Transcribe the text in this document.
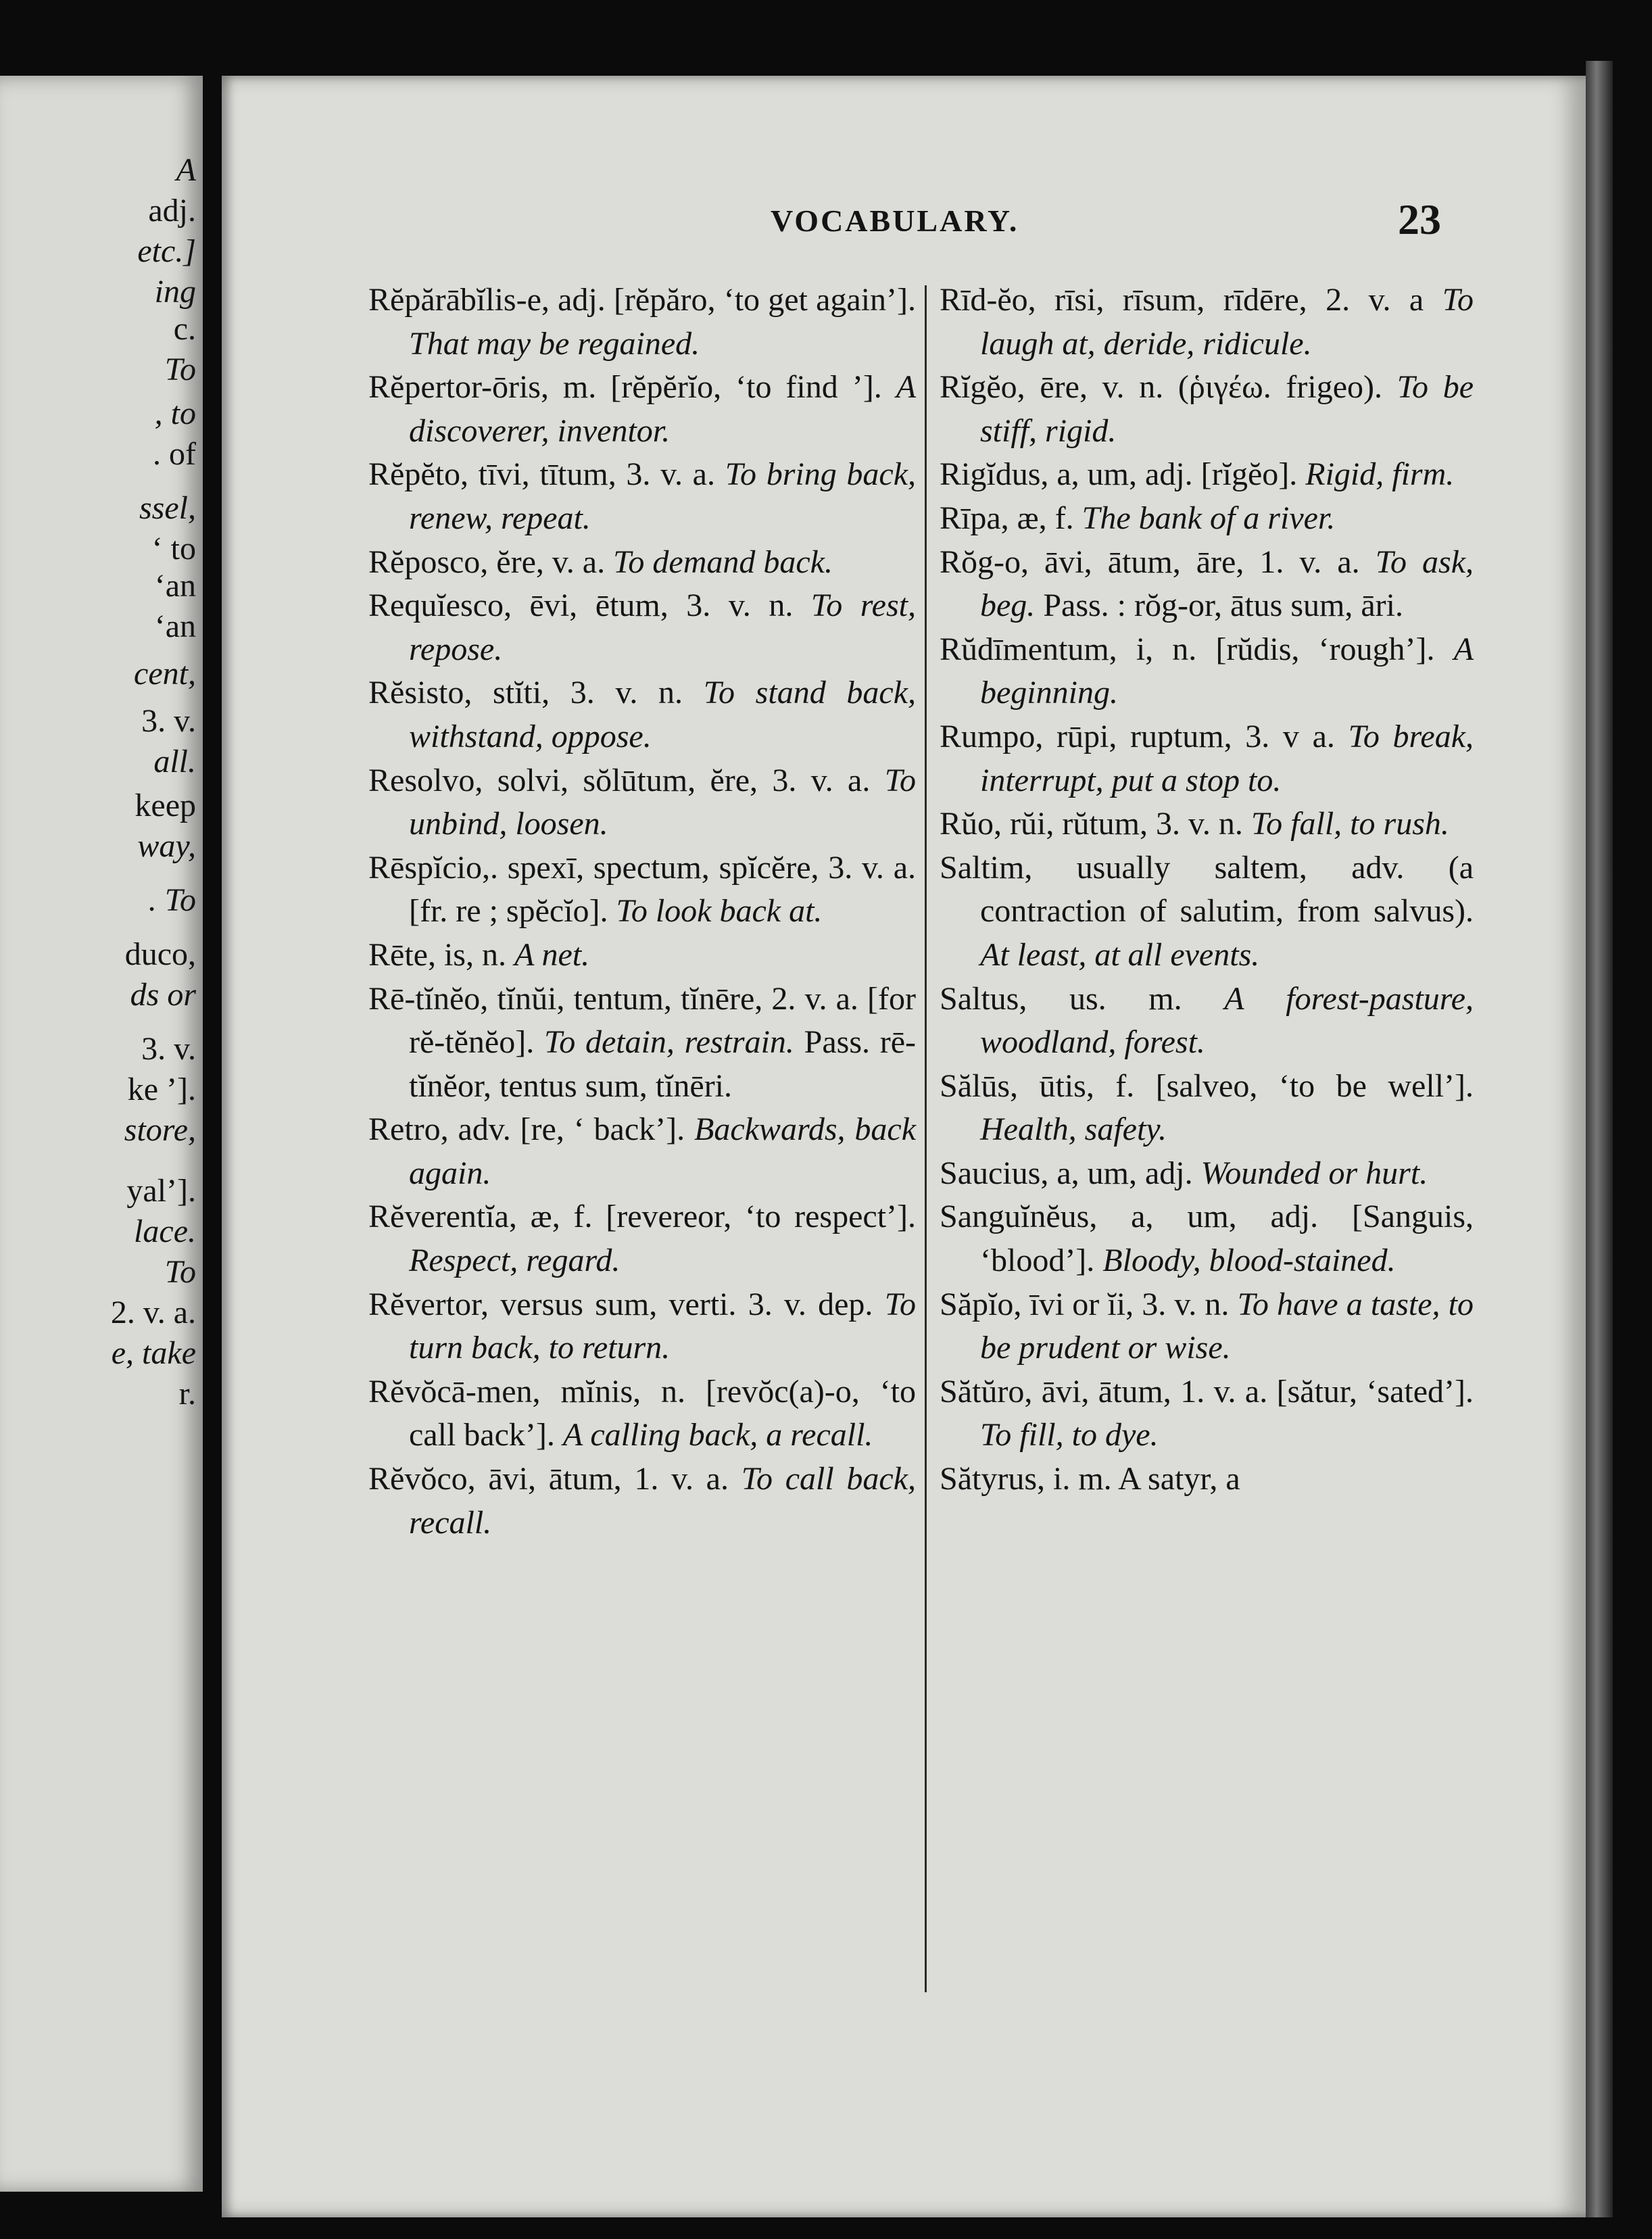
A
adj.
etc.]
ing
c.
To
, to
. of
ssel,
‘ to
‘an
‘an
cent,
3. v.
all.
keep
way,
. To
duco,
ds or
3. v.
ke ’].
store,
yal’].
lace.
To
2. v. a.
e, take
r.
VOCABULARY.	23

Rĕpărābĭlis-e, adj. [rĕpăro, ‘to get again’]. That may be regained.

Rĕpertor-ōris, m. [rĕpĕrĭo, ‘to find ’]. A discoverer, inventor.

Rĕpĕto, tīvi, tītum, 3. v. a. To bring back, renew, repeat.

Rĕposco, ĕre, v. a. To demand back.

Requĭesco, ēvi, ētum, 3. v. n. To rest, repose.

Rĕsisto, stĭti, 3. v. n. To stand back, withstand, oppose.

Resolvo, solvi, sŏlūtum, ĕre, 3. v. a. To unbind, loosen.

Rēspĭcio,. spexī, spectum, spĭcĕre, 3. v. a. [fr. re ; spĕcĭo]. To look back at.

Rēte, is, n. A net.

Rē-tĭnĕo, tĭnŭi, tentum, tĭnēre, 2. v. a. [for rĕ-tĕnĕo]. To detain, restrain. Pass. rē-tĭnĕor, tentus sum, tĭnēri.

Retro, adv. [re, ‘ back’]. Backwards, back again.

Rĕverentĭa, æ, f. [revereor, ‘to respect’]. Respect, regard.

Rĕvertor, versus sum, verti. 3. v. dep. To turn back, to return.

Rĕvŏcā-men, mĭnis, n. [revŏc(a)-o, ‘to call back’]. A calling back, a recall.

Rĕvŏco, āvi, ātum, 1. v. a. To call back, recall.

Rīd-ĕo, rīsi, rīsum, rīdēre, 2. v. a To laugh at, deride, ridicule.

Rĭgĕo, ēre, v. n. (ῥιγέω. frigeo). To be stiff, rigid.

Rigĭdus, a, um, adj. [rĭgĕo]. Rigid, firm.

Rīpa, æ, f. The bank of a river.

Rŏg-o, āvi, ātum, āre, 1. v. a. To ask, beg. Pass. : rŏg-or, ātus sum, āri.

Rŭdīmentum, i, n. [rŭdis, ‘rough’]. A beginning.

Rumpo, rūpi, ruptum, 3. v a. To break, interrupt, put a stop to.

Rŭo, rŭi, rŭtum, 3. v. n. To fall, to rush.

Saltim, usually saltem, adv. (a contraction of salutim, from salvus). At least, at all events.

Saltus, us. m. A forest-pasture, woodland, forest.

Sălūs, ūtis, f. [salveo, ‘to be well’]. Health, safety.

Saucius, a, um, adj. Wounded or hurt.

Sanguĭnĕus, a, um, adj. [Sanguis, ‘blood’]. Bloody, blood-stained.

Săpĭo, īvi or ĭi, 3. v. n. To have a taste, to be prudent or wise.

Sătŭro, āvi, ātum, 1. v. a. [sătur, ‘sated’]. To fill, to dye.

Sătyrus, i. m. A satyr, a
